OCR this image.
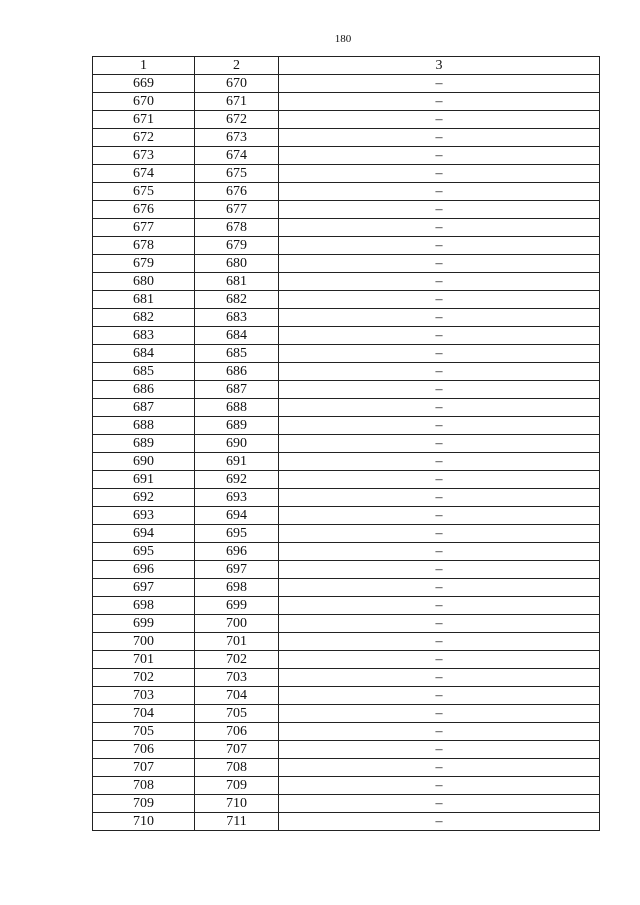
180
1	2	3
669	670	–
670	671	–
671	672	–
672	673	–
673	674	–
674	675	–
675	676	–
676	677	–
677	678	–
678	679	–
679	680	–
680	681	–
681	682	–
682	683	–
683	684	–
684	685	–
685	686	–
686	687	–
687	688	–
688	689	–
689	690	–
690	691	–
691	692	–
692	693	–
693	694	–
694	695	–
695	696	–
696	697	–
697	698	–
698	699	–
699	700	–
700	701	–
701	702	–
702	703	–
703	704	–
704	705	–
705	706	–
706	707	–
707	708	–
708	709	–
709	710	–
710	711	–
